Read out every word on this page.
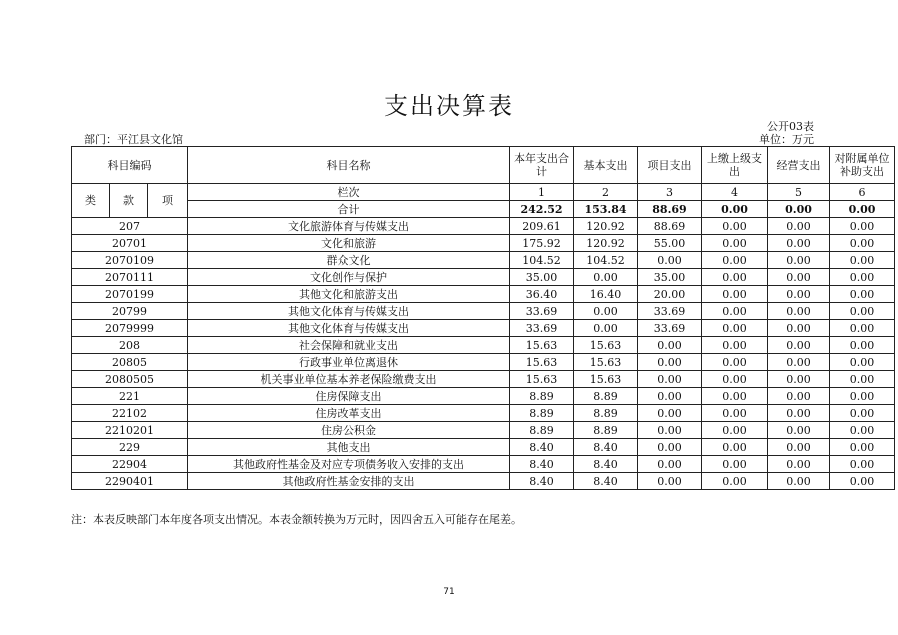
支出决算表
公开03表
部门：平江县文化馆	单位：万元
科目编码			科目名称	本年支出合计	基本支出	项目支出	上缴上级支出	经营支出	对附属单位补助支出
类	款	项	栏次	1	2	3	4	5	6
			合计	242.52	153.84	88.69	0.00	0.00	0.00
207			文化旅游体育与传媒支出	209.61	120.92	88.69	0.00	0.00	0.00
20701			文化和旅游	175.92	120.92	55.00	0.00	0.00	0.00
2070109			群众文化	104.52	104.52	0.00	0.00	0.00	0.00
2070111			文化创作与保护	35.00	0.00	35.00	0.00	0.00	0.00
2070199			其他文化和旅游支出	36.40	16.40	20.00	0.00	0.00	0.00
20799			其他文化体育与传媒支出	33.69	0.00	33.69	0.00	0.00	0.00
2079999			其他文化体育与传媒支出	33.69	0.00	33.69	0.00	0.00	0.00
208			社会保障和就业支出	15.63	15.63	0.00	0.00	0.00	0.00
20805			行政事业单位离退休	15.63	15.63	0.00	0.00	0.00	0.00
2080505			机关事业单位基本养老保险缴费支出	15.63	15.63	0.00	0.00	0.00	0.00
221			住房保障支出	8.89	8.89	0.00	0.00	0.00	0.00
22102			住房改革支出	8.89	8.89	0.00	0.00	0.00	0.00
2210201			住房公积金	8.89	8.89	0.00	0.00	0.00	0.00
229			其他支出	8.40	8.40	0.00	0.00	0.00	0.00
22904			其他政府性基金及对应专项债务收入安排的支出	8.40	8.40	0.00	0.00	0.00	0.00
2290401			其他政府性基金安排的支出	8.40	8.40	0.00	0.00	0.00	0.00
注：本表反映部门本年度各项支出情况。本表金额转换为万元时，因四舍五入可能存在尾差。
71
